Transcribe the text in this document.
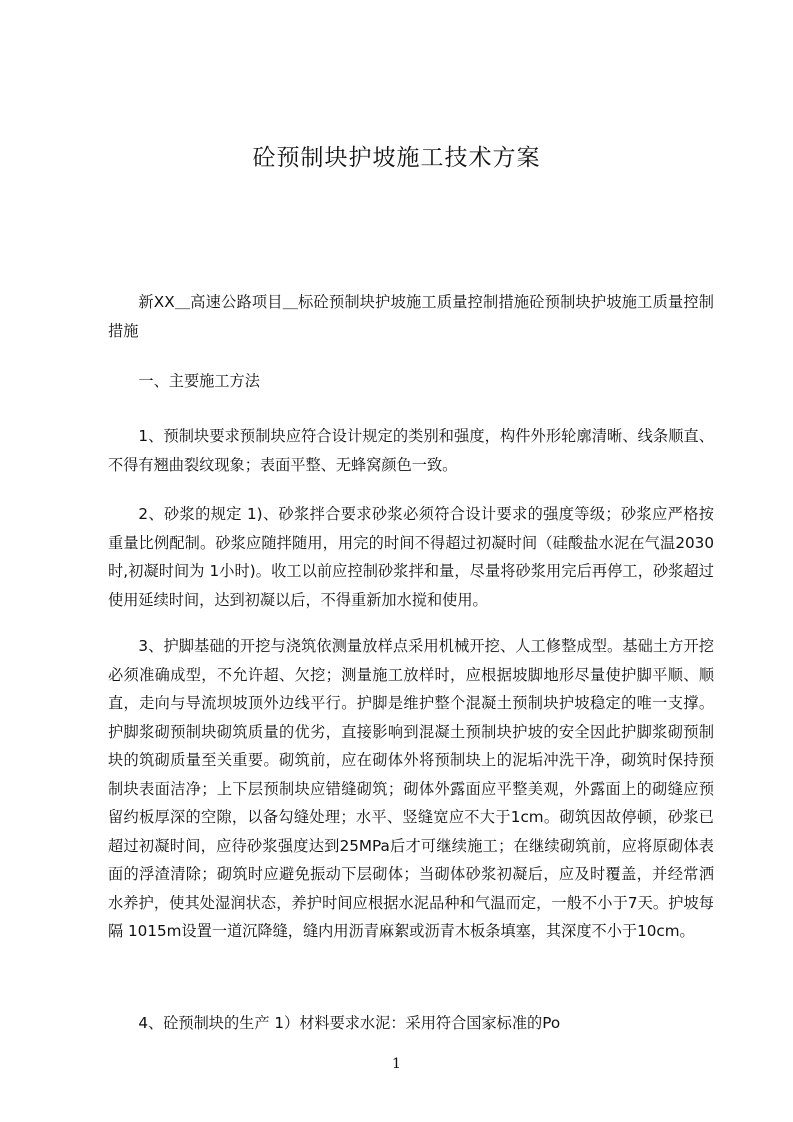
砼预制块护坡施工技术方案

新XX＿高速公路项目＿标砼预制块护坡施工质量控制措施砼预制块护坡施工质量控制措施

一、主要施工方法

1、预制块要求预制块应符合设计规定的类别和强度，构件外形轮廓清晰、线条顺直、不得有翘曲裂纹现象；表面平整、无蜂窝颜色一致。

2、砂浆的规定 1)、砂浆拌合要求砂浆必须符合设计要求的强度等级；砂浆应严格按重量比例配制。砂浆应随拌随用，用完的时间不得超过初凝时间（硅酸盐水泥在气温2030时,初凝时间为 1小时)。收工以前应控制砂浆拌和量，尽量将砂浆用完后再停工，砂浆超过使用延续时间，达到初凝以后，不得重新加水搅和使用。

3、护脚基础的开挖与浇筑依测量放样点采用机械开挖、人工修整成型。基础土方开挖必须准确成型，不允许超、欠挖；测量施工放样时，应根据坡脚地形尽量使护脚平顺、顺直，走向与导流坝坡顶外边线平行。护脚是维护整个混凝土预制块护坡稳定的唯一支撑。护脚浆砌预制块砌筑质量的优劣，直接影响到混凝土预制块护坡的安全因此护脚浆砌预制块的筑砌质量至关重要。砌筑前，应在砌体外将预制块上的泥垢冲洗干净，砌筑时保持预制块表面洁净；上下层预制块应错缝砌筑；砌体外露面应平整美观，外露面上的砌缝应预留约板厚深的空隙，以备勾缝处理；水平、竖缝宽应不大于1cm。砌筑因故停顿，砂浆已超过初凝时间，应待砂浆强度达到25MPa后才可继续施工；在继续砌筑前，应将原砌体表面的浮渣清除；砌筑时应避免振动下层砌体；当砌体砂浆初凝后，应及时覆盖，并经常洒水养护，使其处湿润状态，养护时间应根据水泥品种和气温而定，一般不小于7天。护坡每隔 1015m设置一道沉降缝，缝内用沥青麻絮或沥青木板条填塞，其深度不小于10cm。

4、砼预制块的生产 1）材料要求水泥：采用符合国家标准的Po

1
